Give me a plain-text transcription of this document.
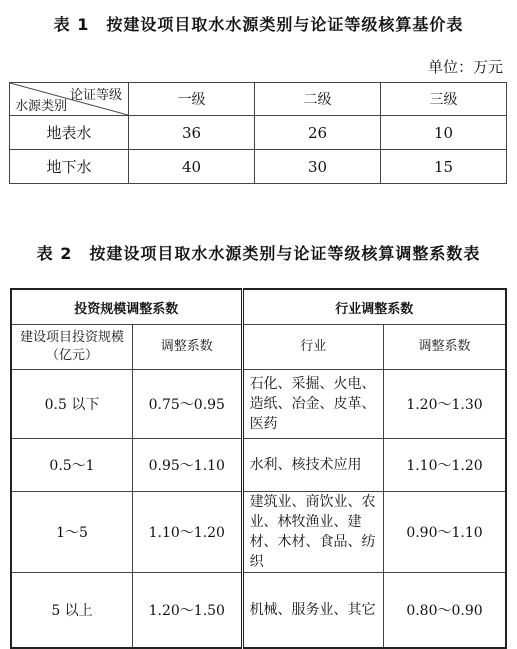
表 1　按建设项目取水水源类别与论证等级核算基价表
单位：万元
论证等级
水源类别	一级	二级	三级
地表水	36	26	10
地下水	40	30	15
表 2　按建设项目取水水源类别与论证等级核算调整系数表
投资规模调整系数		行业调整系数	
建设项目投资规模（亿元）	调整系数	行业	调整系数
0.5 以下	0.75～0.95	石化、采掘、火电、造纸、冶金、皮革、医药	1.20～1.30
0.5～1	0.95～1.10	水利、核技术应用	1.10～1.20
1～5	1.10～1.20	建筑业、商饮业、农业、林牧渔业、建材、木材、食品、纺织	0.90～1.10
5 以上	1.20～1.50	机械、服务业、其它	0.80～0.90
